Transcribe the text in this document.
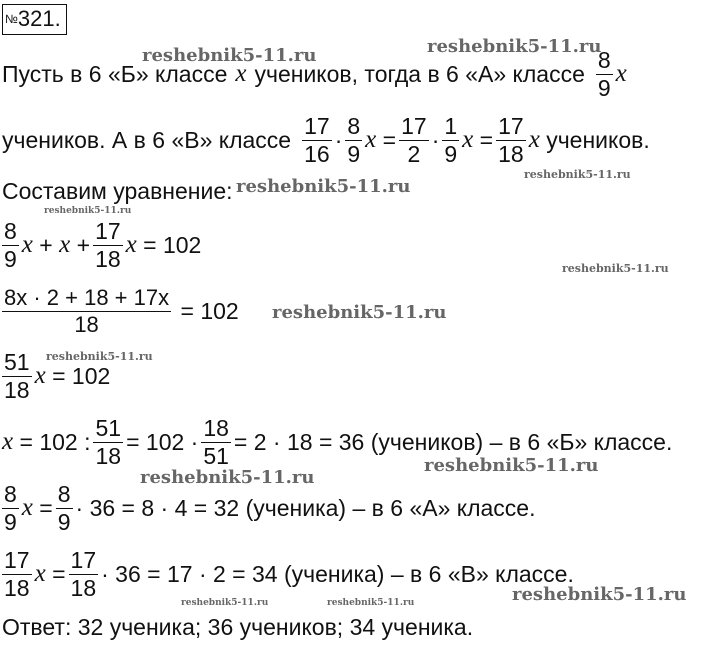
№321.
reshebnik5-11.ru	reshebnik5-11.ru
reshebnik5-11.ru
reshebnik5-11.ru
reshebnik5-11.ru
reshebnik5-11.ru
reshebnik5-11.ru
reshebnik5-11.ru
reshebnik5-11.ru
reshebnik5-11.ru
reshebnik5-11.ru
reshebnik5-11.ru	reshebnik5-11.ru
Пусть в 6 «Б» классе x учеников, тогда в 6 «А» классе $\frac{8}{9}$ x
учеников. А в 6 «В» классе $\frac{17}{16} \cdot \frac{8}{9}$ x
= $\frac{17}{2} \cdot \frac{1}{9}$ x
= $\frac{17}{18}$ x
учеников.
Составим уравнение:
$\frac{8}{9}$ x
+
x
+ $\frac{17}{18}$ x
= 102
$\frac{8x \cdot 2 + 18 + 17x}{18}$
= 102
$\frac{51}{18}$ x
= 102
x
= 102 : $\frac{51}{18} = 102 \cdot \frac{18}{51} = 2 \cdot 18 = 36$ (учеников) – в 6 «Б» классе.
$\frac{8}{9}$ x
= $\frac{8}{9} \cdot 36 = 8 \cdot 4 = 32$ (ученика) – в 6 «А» классе.
$\frac{17}{18}$ x
= $\frac{17}{18} \cdot 36 = 17 \cdot 2 = 34$ (ученика) – в 6 «В» классе.
Ответ: 32 ученика; 36 учеников; 34 ученика.
